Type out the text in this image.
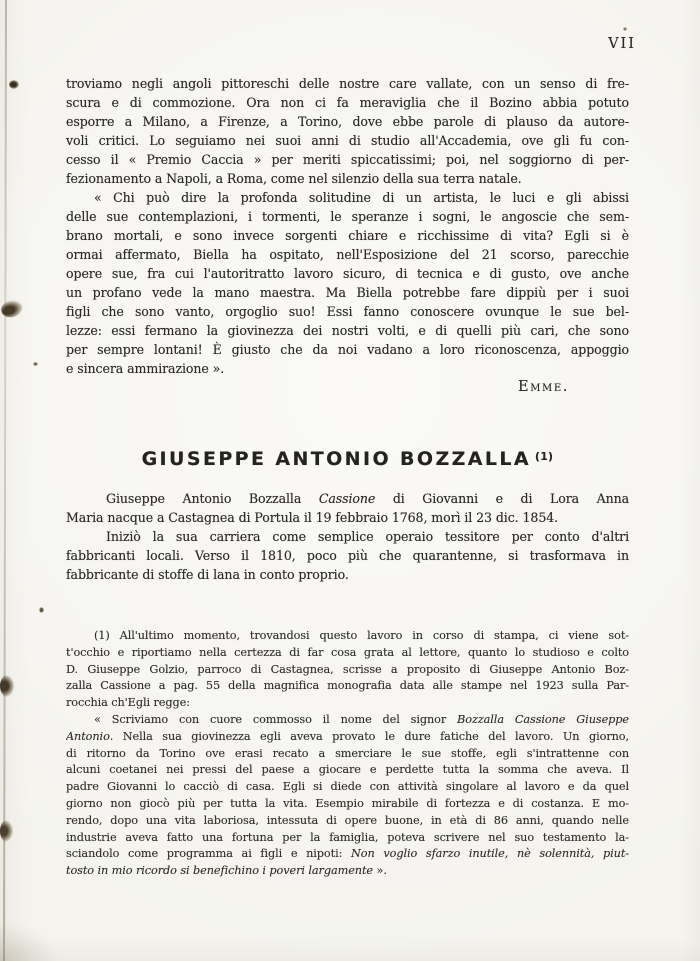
VII
troviamo negli angoli pittoreschi delle nostre care vallate, con un senso di fre-
scura e di commozione. Ora non ci fa meraviglia che il Bozino abbia potuto
esporre a Milano, a Firenze, a Torino, dove ebbe parole di plauso da autore-
voli critici. Lo seguiamo nei suoi anni di studio all'Accademia, ove gli fu con-
cesso il « Premio Caccia » per meriti spiccatissimi; poi, nel soggiorno di per-
fezionamento a Napoli, a Roma, come nel silenzio della sua terra natale.
« Chi può dire la profonda solitudine di un artista, le luci e gli abissi
delle sue contemplazioni, i tormenti, le speranze i sogni, le angoscie che sem-
brano mortali, e sono invece sorgenti chiare e ricchissime di vita? Egli si è
ormai affermato, Biella ha ospitato, nell'Esposizione del 21 scorso, parecchie
opere sue, fra cui l'autoritratto lavoro sicuro, di tecnica e di gusto, ove anche
un profano vede la mano maestra. Ma Biella potrebbe fare dippiù per i suoi
figli che sono vanto, orgoglio suo! Essi fanno conoscere ovunque le sue bel-
lezze: essi fermano la giovinezza dei nostri volti, e di quelli più cari, che sono
per sempre lontani! È giusto che da noi vadano a loro riconoscenza, appoggio
e sincera ammirazione ».
Emme.
GIUSEPPE ANTONIO BOZZALLA $^{(1)}$
Giuseppe Antonio Bozzalla Cassione di Giovanni e di Lora Anna
Maria nacque a Castagnea di Portula il 19 febbraio 1768, morì il 23 dic. 1854.
Iniziò la sua carriera come semplice operaio tessitore per conto d'altri
fabbricanti locali. Verso il 1810, poco più che quarantenne, si trasformava in
fabbricante di stoffe di lana in conto proprio.
(1) All'ultimo momento, trovandosi questo lavoro in corso di stampa, ci viene sot-
t'occhio e riportiamo nella certezza di far cosa grata al lettore, quanto lo studioso e colto
D. Giuseppe Golzio, parroco di Castagnea, scrisse a proposito di Giuseppe Antonio Boz-
zalla Cassione a pag. 55 della magnifica monografia data alle stampe nel 1923 sulla Par-
rocchia ch'Egli regge:
« Scriviamo con cuore commosso il nome del signor Bozzalla Cassione Giuseppe
Antonio. Nella sua giovinezza egli aveva provato le dure fatiche del lavoro. Un giorno,
di ritorno da Torino ove erasi recato a smerciare le sue stoffe, egli s'intrattenne con
alcuni coetanei nei pressi del paese a giocare e perdette tutta la somma che aveva. Il
padre Giovanni lo cacciò di casa. Egli si diede con attività singolare al lavoro e da quel
giorno non giocò più per tutta la vita. Esempio mirabile di fortezza e di costanza. E mo-
rendo, dopo una vita laboriosa, intessuta di opere buone, in età di 86 anni, quando nelle
industrie aveva fatto una fortuna per la famiglia, poteva scrivere nel suo testamento la-
sciandolo come programma ai figli e nipoti: Non voglio sfarzo inutile, nè solennità, piut-
tosto in mio ricordo si benefichino i poveri largamente ».
